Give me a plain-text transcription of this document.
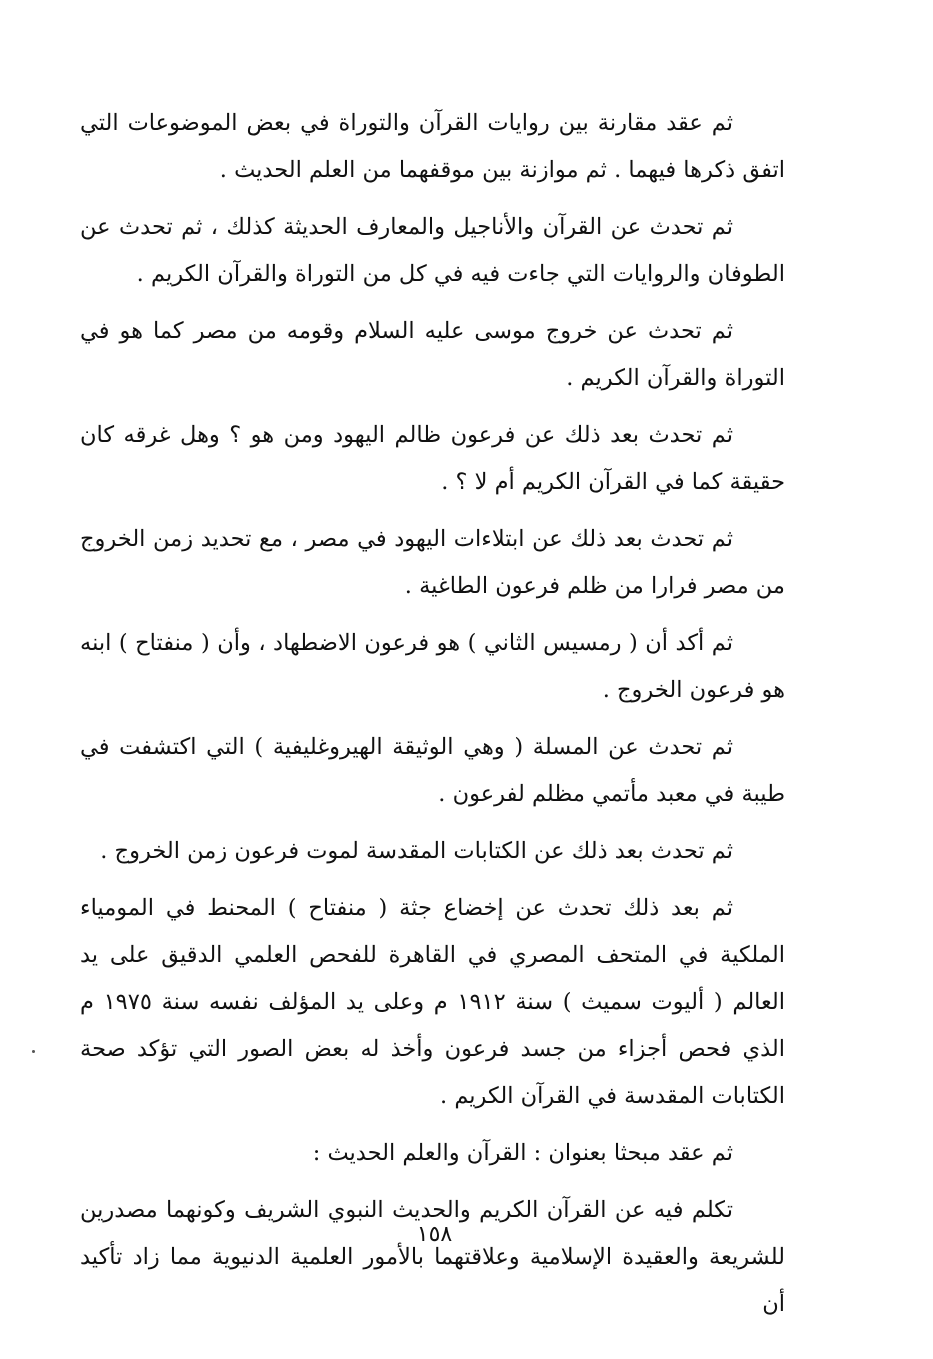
ثم عقد مقارنة بين روايات القرآن والتوراة في بعض الموضوعات التي اتفق ذكرها فيهما . ثم موازنة بين موقفهما من العلم الحديث .

ثم تحدث عن القرآن والأناجيل والمعارف الحديثة كذلك ، ثم تحدث عن الطوفان والروايات التي جاءت فيه في كل من التوراة والقرآن الكريم .

ثم تحدث عن خروج موسى عليه السلام وقومه من مصر كما هو في التوراة والقرآن الكريم .

ثم تحدث بعد ذلك عن فرعون ظالم اليهود ومن هو ؟ وهل غرقه كان حقيقة كما في القرآن الكريم أم لا ؟ .

ثم تحدث بعد ذلك عن ابتلاءات اليهود في مصر ، مع تحديد زمن الخروج من مصر فرارا من ظلم فرعون الطاغية .

ثم أكد أن ( رمسيس الثاني ) هو فرعون الاضطهاد ، وأن ( منفتاح ) ابنه هو فرعون الخروج .

ثم تحدث عن المسلة ( وهي الوثيقة الهيروغليفية ) التي اكتشفت في طيبة في معبد مأتمي مظلم لفرعون .

ثم تحدث بعد ذلك عن الكتابات المقدسة لموت فرعون زمن الخروج .

ثم بعد ذلك تحدث عن إخضاع جثة ( منفتاح ) المحنط في المومياء الملكية في المتحف المصري في القاهرة للفحص العلمي الدقيق على يد العالم ( أليوت سميث ) سنة ١٩١٢ م وعلى يد المؤلف نفسه سنة ١٩٧٥ م الذي فحص أجزاء من جسد فرعون وأخذ له بعض الصور التي تؤكد صحة الكتابات المقدسة في القرآن الكريم .

ثم عقد مبحثا بعنوان : القرآن والعلم الحديث :

تكلم فيه عن القرآن الكريم والحديث النبوي الشريف وكونهما مصدرين للشريعة والعقيدة الإسلامية وعلاقتهما بالأمور العلمية الدنيوية مما زاد تأكيد أن

١٥٨
